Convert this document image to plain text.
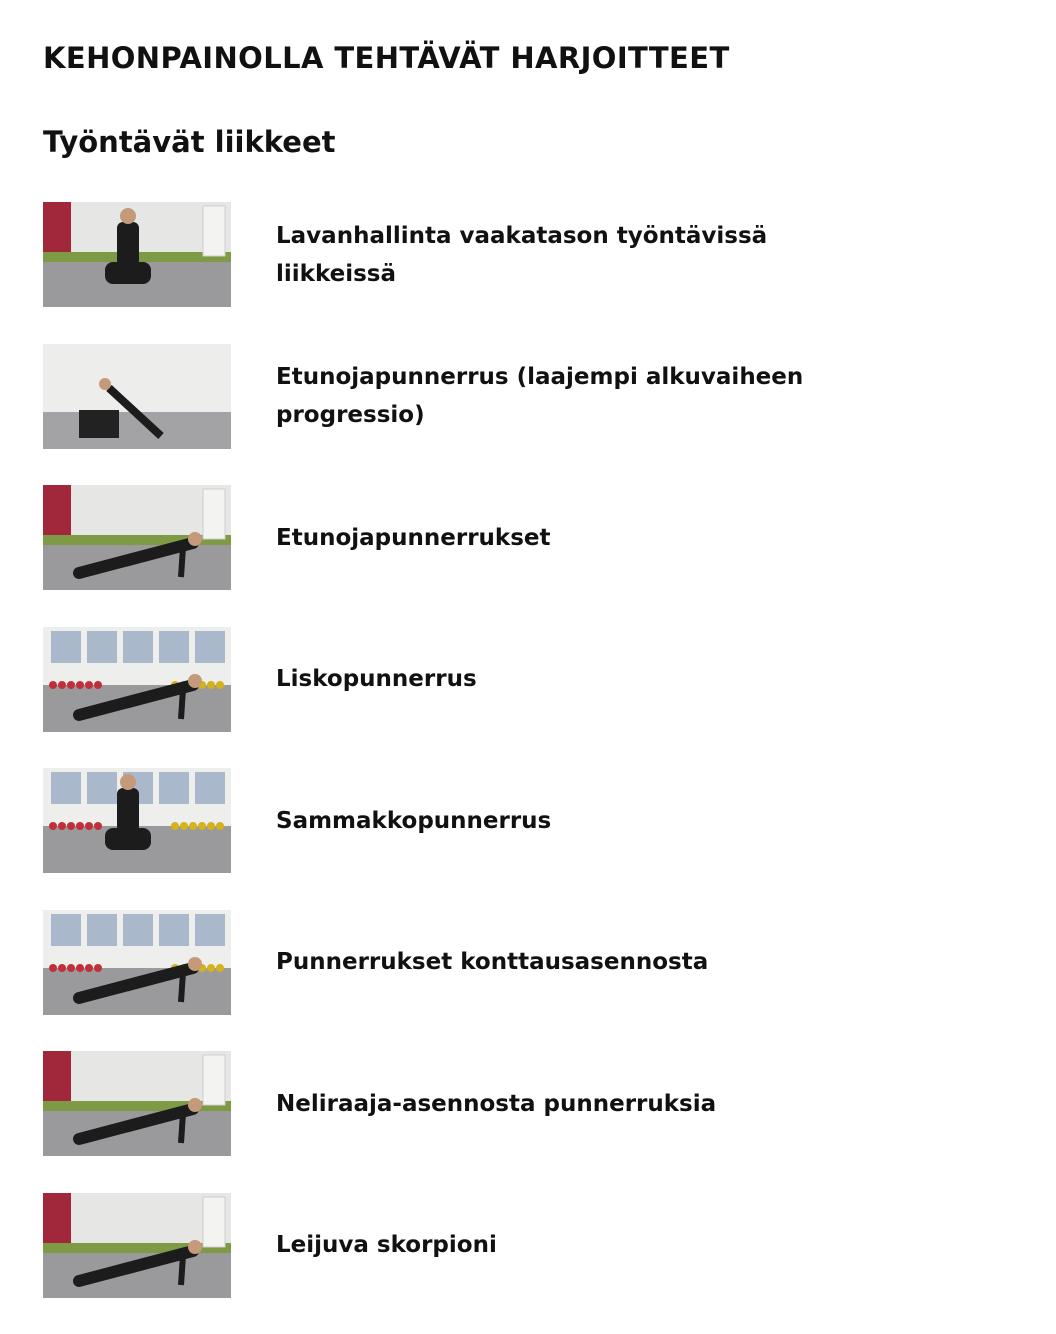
KEHONPAINOLLA TEHTÄVÄT HARJOITTEET
Työntävät liikkeet
Lavanhallinta vaakatason työntävissä liikkeissä
Etunojapunnerrus (laajempi alkuvaiheen progressio)
Etunojapunnerrukset
Liskopunnerrus
Sammakkopunnerrus
Punnerrukset konttausasennosta
Neliraaja-asennosta punnerruksia
Leijuva skorpioni
